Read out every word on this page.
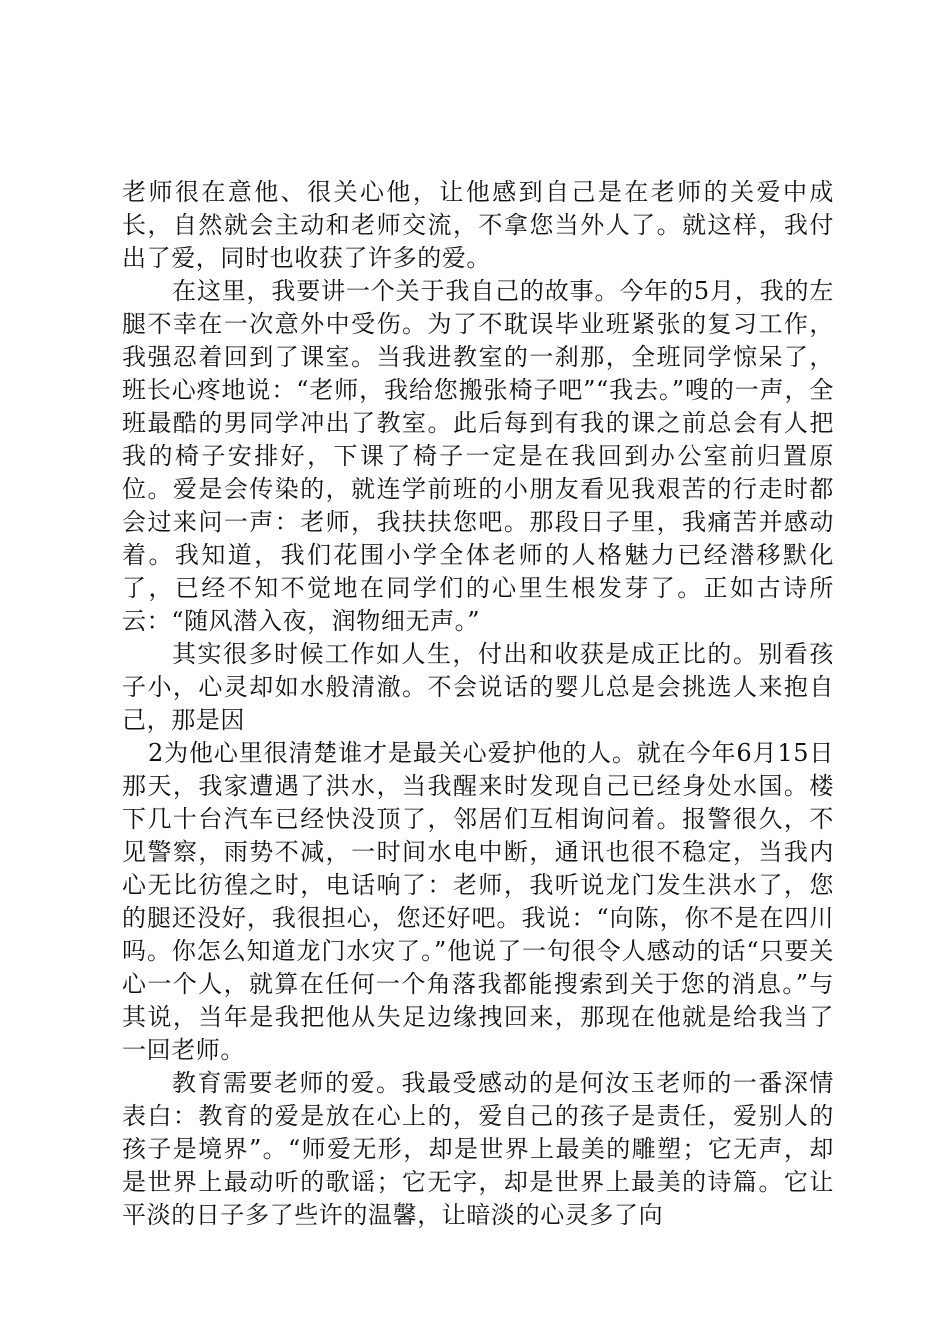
老师很在意他、很关心他，让他感到自己是在老师的关爱中成长，自然就会主动和老师交流，不拿您当外人了。就这样，我付出了爱，同时也收获了许多的爱。

在这里，我要讲一个关于我自己的故事。今年的5月，我的左腿不幸在一次意外中受伤。为了不耽误毕业班紧张的复习工作，我强忍着回到了课室。当我进教室的一刹那，全班同学惊呆了，班长心疼地说：“老师，我给您搬张椅子吧”“我去。”嗖的一声，全班最酷的男同学冲出了教室。此后每到有我的课之前总会有人把我的椅子安排好，下课了椅子一定是在我回到办公室前归置原位。爱是会传染的，就连学前班的小朋友看见我艰苦的行走时都会过来问一声：老师，我扶扶您吧。那段日子里，我痛苦并感动着。我知道，我们花围小学全体老师的人格魅力已经潜移默化了，已经不知不觉地在同学们的心里生根发芽了。正如古诗所云：“随风潜入夜，润物细无声。”

其实很多时候工作如人生，付出和收获是成正比的。别看孩子小，心灵却如水般清澈。不会说话的婴儿总是会挑选人来抱自己，那是因

2为他心里很清楚谁才是最关心爱护他的人。就在今年6月15日那天，我家遭遇了洪水，当我醒来时发现自己已经身处水国。楼下几十台汽车已经快没顶了，邻居们互相询问着。报警很久，不见警察，雨势不减，一时间水电中断，通讯也很不稳定，当我内心无比彷徨之时，电话响了：老师，我听说龙门发生洪水了，您的腿还没好，我很担心，您还好吧。我说：“向陈，你不是在四川吗。你怎么知道龙门水灾了。”他说了一句很令人感动的话“只要关心一个人，就算在任何一个角落我都能搜索到关于您的消息。”与其说，当年是我把他从失足边缘拽回来，那现在他就是给我当了一回老师。

教育需要老师的爱。我最受感动的是何汝玉老师的一番深情表白：教育的爱是放在心上的，爱自己的孩子是责任，爱别人的孩子是境界”。“师爱无形，却是世界上最美的雕塑；它无声，却是世界上最动听的歌谣；它无字，却是世界上最美的诗篇。它让平淡的日子多了些许的温馨，让暗淡的心灵多了向
